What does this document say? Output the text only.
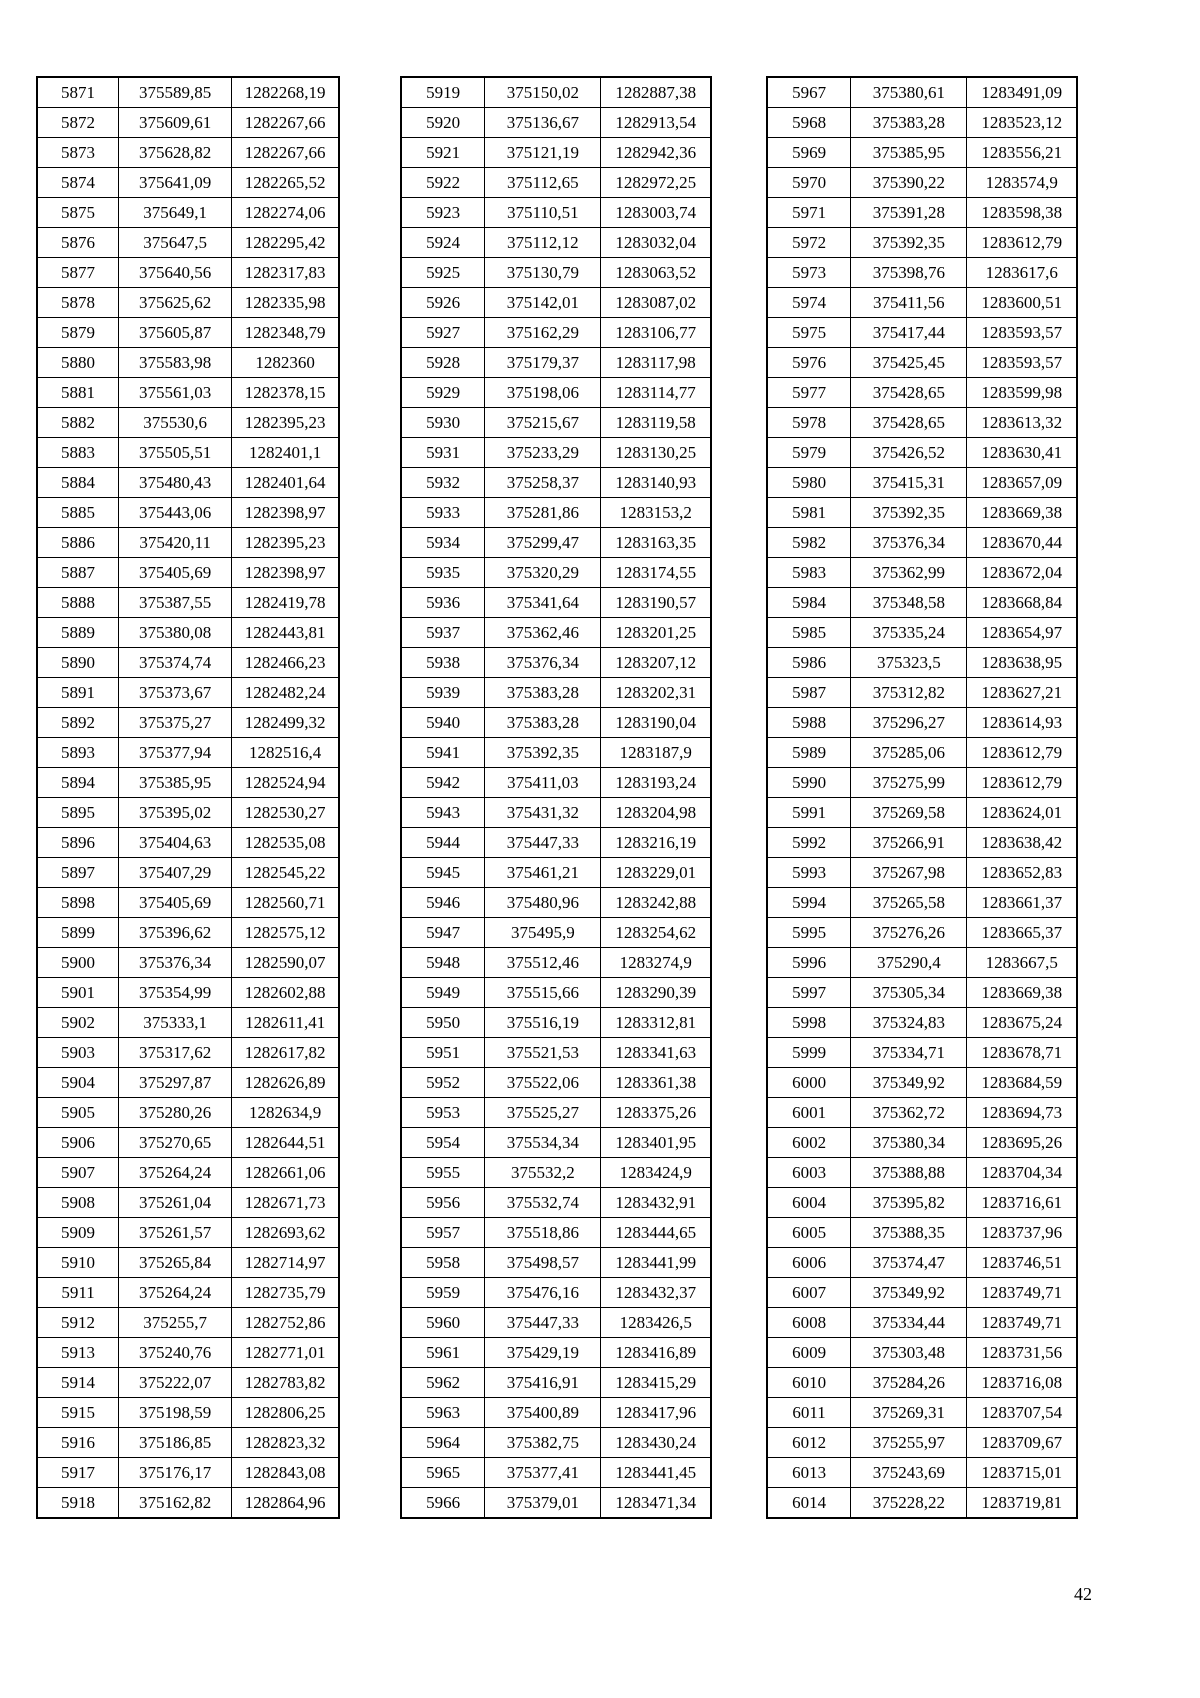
5871	375589,85	1282268,19
5872	375609,61	1282267,66
5873	375628,82	1282267,66
5874	375641,09	1282265,52
5875	375649,1	1282274,06
5876	375647,5	1282295,42
5877	375640,56	1282317,83
5878	375625,62	1282335,98
5879	375605,87	1282348,79
5880	375583,98	1282360
5881	375561,03	1282378,15
5882	375530,6	1282395,23
5883	375505,51	1282401,1
5884	375480,43	1282401,64
5885	375443,06	1282398,97
5886	375420,11	1282395,23
5887	375405,69	1282398,97
5888	375387,55	1282419,78
5889	375380,08	1282443,81
5890	375374,74	1282466,23
5891	375373,67	1282482,24
5892	375375,27	1282499,32
5893	375377,94	1282516,4
5894	375385,95	1282524,94
5895	375395,02	1282530,27
5896	375404,63	1282535,08
5897	375407,29	1282545,22
5898	375405,69	1282560,71
5899	375396,62	1282575,12
5900	375376,34	1282590,07
5901	375354,99	1282602,88
5902	375333,1	1282611,41
5903	375317,62	1282617,82
5904	375297,87	1282626,89
5905	375280,26	1282634,9
5906	375270,65	1282644,51
5907	375264,24	1282661,06
5908	375261,04	1282671,73
5909	375261,57	1282693,62
5910	375265,84	1282714,97
5911	375264,24	1282735,79
5912	375255,7	1282752,86
5913	375240,76	1282771,01
5914	375222,07	1282783,82
5915	375198,59	1282806,25
5916	375186,85	1282823,32
5917	375176,17	1282843,08
5918	375162,82	1282864,96
5919	375150,02	1282887,38
5920	375136,67	1282913,54
5921	375121,19	1282942,36
5922	375112,65	1282972,25
5923	375110,51	1283003,74
5924	375112,12	1283032,04
5925	375130,79	1283063,52
5926	375142,01	1283087,02
5927	375162,29	1283106,77
5928	375179,37	1283117,98
5929	375198,06	1283114,77
5930	375215,67	1283119,58
5931	375233,29	1283130,25
5932	375258,37	1283140,93
5933	375281,86	1283153,2
5934	375299,47	1283163,35
5935	375320,29	1283174,55
5936	375341,64	1283190,57
5937	375362,46	1283201,25
5938	375376,34	1283207,12
5939	375383,28	1283202,31
5940	375383,28	1283190,04
5941	375392,35	1283187,9
5942	375411,03	1283193,24
5943	375431,32	1283204,98
5944	375447,33	1283216,19
5945	375461,21	1283229,01
5946	375480,96	1283242,88
5947	375495,9	1283254,62
5948	375512,46	1283274,9
5949	375515,66	1283290,39
5950	375516,19	1283312,81
5951	375521,53	1283341,63
5952	375522,06	1283361,38
5953	375525,27	1283375,26
5954	375534,34	1283401,95
5955	375532,2	1283424,9
5956	375532,74	1283432,91
5957	375518,86	1283444,65
5958	375498,57	1283441,99
5959	375476,16	1283432,37
5960	375447,33	1283426,5
5961	375429,19	1283416,89
5962	375416,91	1283415,29
5963	375400,89	1283417,96
5964	375382,75	1283430,24
5965	375377,41	1283441,45
5966	375379,01	1283471,34
5967	375380,61	1283491,09
5968	375383,28	1283523,12
5969	375385,95	1283556,21
5970	375390,22	1283574,9
5971	375391,28	1283598,38
5972	375392,35	1283612,79
5973	375398,76	1283617,6
5974	375411,56	1283600,51
5975	375417,44	1283593,57
5976	375425,45	1283593,57
5977	375428,65	1283599,98
5978	375428,65	1283613,32
5979	375426,52	1283630,41
5980	375415,31	1283657,09
5981	375392,35	1283669,38
5982	375376,34	1283670,44
5983	375362,99	1283672,04
5984	375348,58	1283668,84
5985	375335,24	1283654,97
5986	375323,5	1283638,95
5987	375312,82	1283627,21
5988	375296,27	1283614,93
5989	375285,06	1283612,79
5990	375275,99	1283612,79
5991	375269,58	1283624,01
5992	375266,91	1283638,42
5993	375267,98	1283652,83
5994	375265,58	1283661,37
5995	375276,26	1283665,37
5996	375290,4	1283667,5
5997	375305,34	1283669,38
5998	375324,83	1283675,24
5999	375334,71	1283678,71
6000	375349,92	1283684,59
6001	375362,72	1283694,73
6002	375380,34	1283695,26
6003	375388,88	1283704,34
6004	375395,82	1283716,61
6005	375388,35	1283737,96
6006	375374,47	1283746,51
6007	375349,92	1283749,71
6008	375334,44	1283749,71
6009	375303,48	1283731,56
6010	375284,26	1283716,08
6011	375269,31	1283707,54
6012	375255,97	1283709,67
6013	375243,69	1283715,01
6014	375228,22	1283719,81
42
